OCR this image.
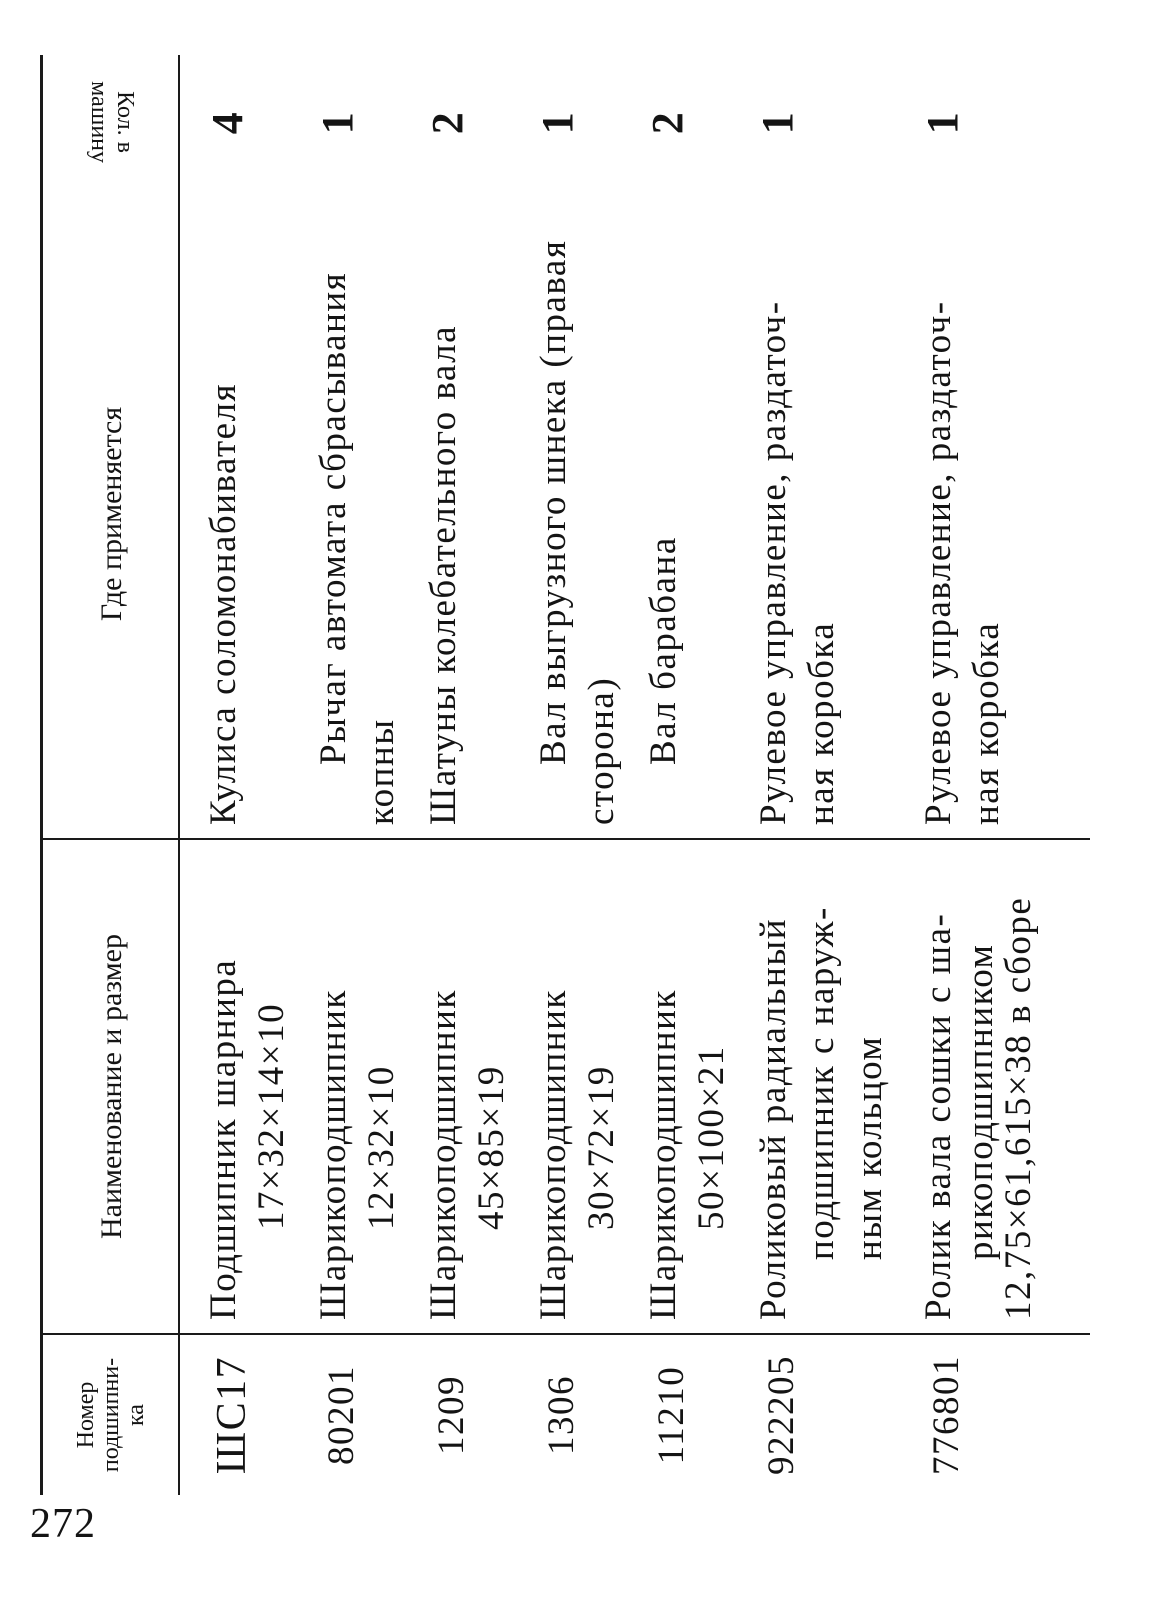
272
Номер подшипни- ка
Наименование и размер
Где применяется
машину Кол. в
ШС17
Подшипник шарнира 17×32×14×10
Кулиса соломонабивателя
4
80201
Шарикоподшипник 12×32×10
Рычаг автомата сбрасывания
копны
1
1209
Шарикоподшипник 45×85×19
Шатуны колебательного вала
2
1306
Шарикоподшипник 30×72×19
Вал выгрузного шнека (правая сторона)
1
11210
Шарикоподшипник 50×100×21
Вал барабана
2
922205
Роликовый радиальный подшипник с наруж- ным кольцом
Рулевое управление, раздаточ- ная коробка
1
776801
Ролик вала сошки с ша- рикоподшипником
12,75×61,615×38 в сборе
Рулевое управление, раздаточ- ная коробка
1
